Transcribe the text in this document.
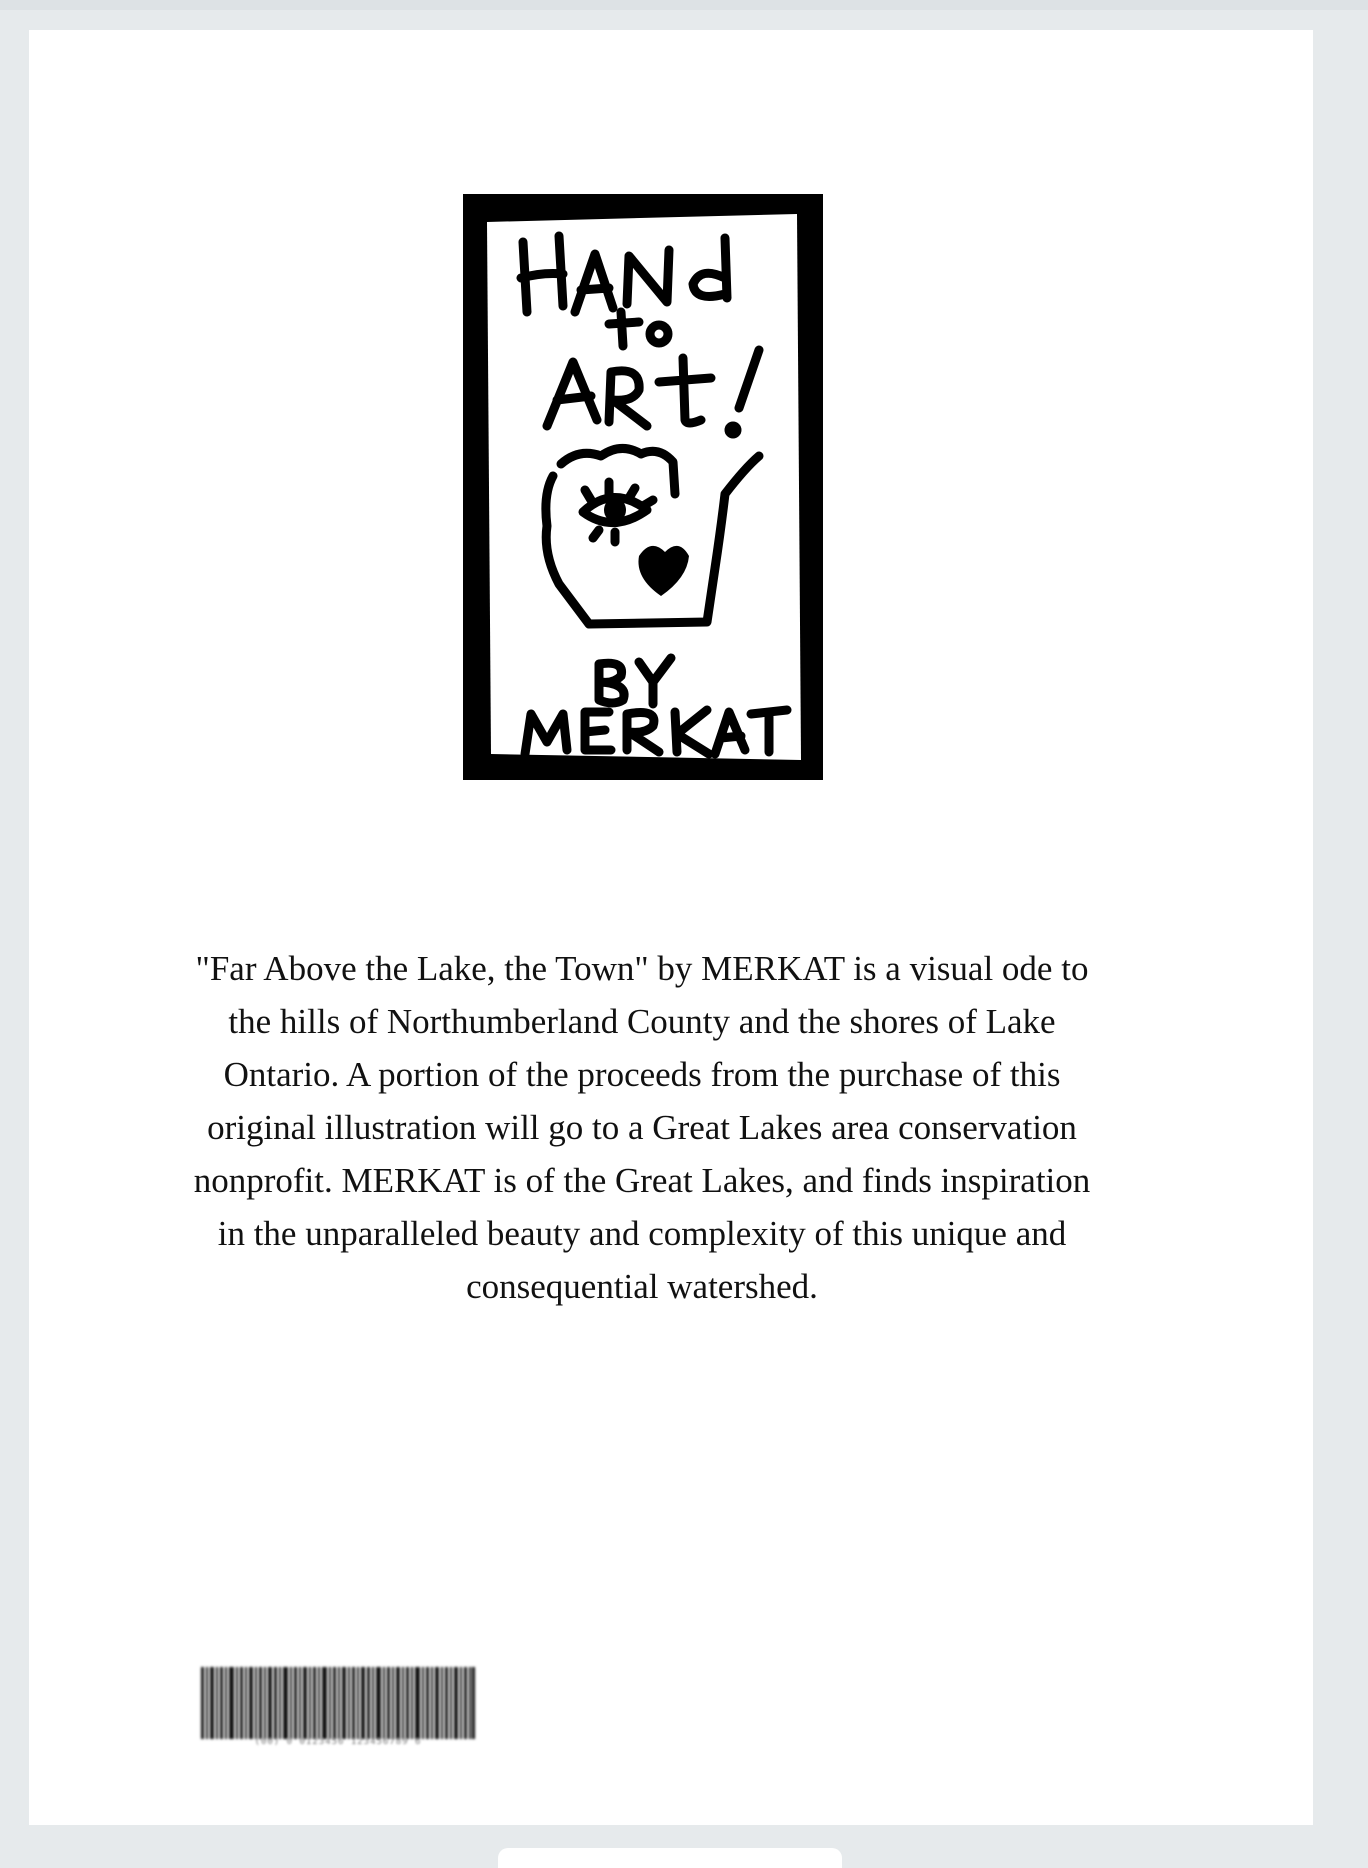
"Far Above the Lake, the Town" by MERKAT is a visual ode to the hills of Northumberland County and the shores of Lake Ontario. A portion of the proceeds from the purchase of this original illustration will go to a Great Lakes area conservation nonprofit. MERKAT is of the Great Lakes, and finds inspiration in the unparalleled beauty and complexity of this unique and consequential watershed.

(00) 0 0123456 123456789 6
